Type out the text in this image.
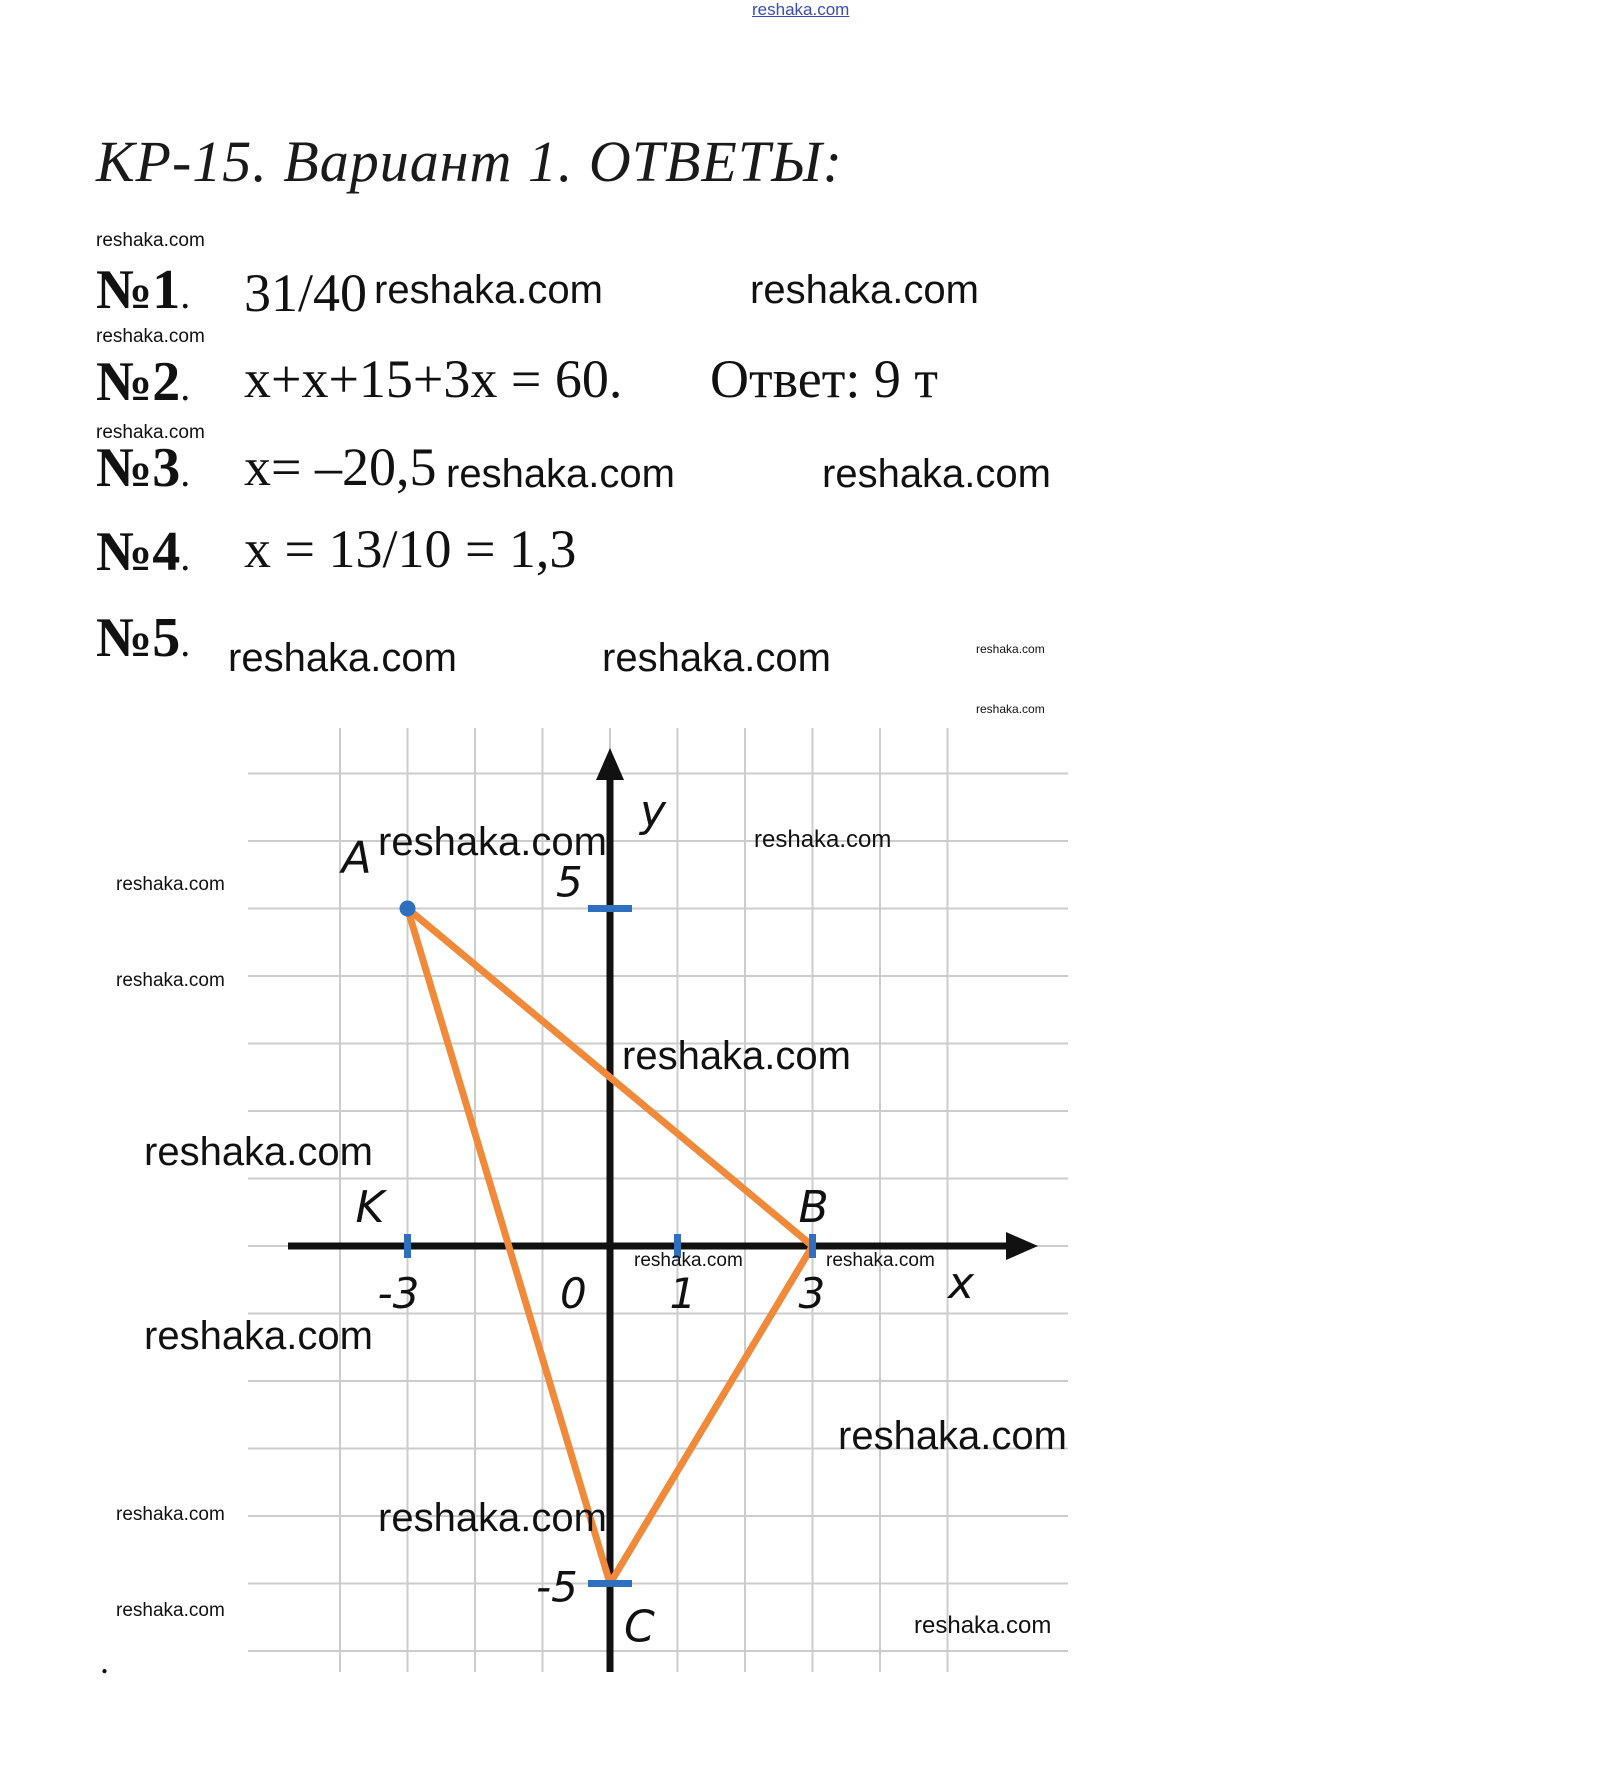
reshaka.com
КР-15. Вариант 1. ОТВЕТЫ:
reshaka.com
№1. 31/40 reshaka.com	reshaka.com
reshaka.com
№2. x+x+15+3x = 60. Ответ: 9 т
reshaka.com
№3. x= –20,5 reshaka.com	reshaka.com
№4. x = 13/10 = 1,3
№5. reshaka.com	reshaka.com	reshaka.com
reshaka.com
-3	0 1 3	x
y
5
-5
A
B
C
K
reshaka.com	reshaka.com
reshaka.com
reshaka.com
reshaka.com
reshaka.com
reshaka.com	reshaka.com
reshaka.com
reshaka.com
reshaka.com	reshaka.com
reshaka.com
reshaka.com
.
